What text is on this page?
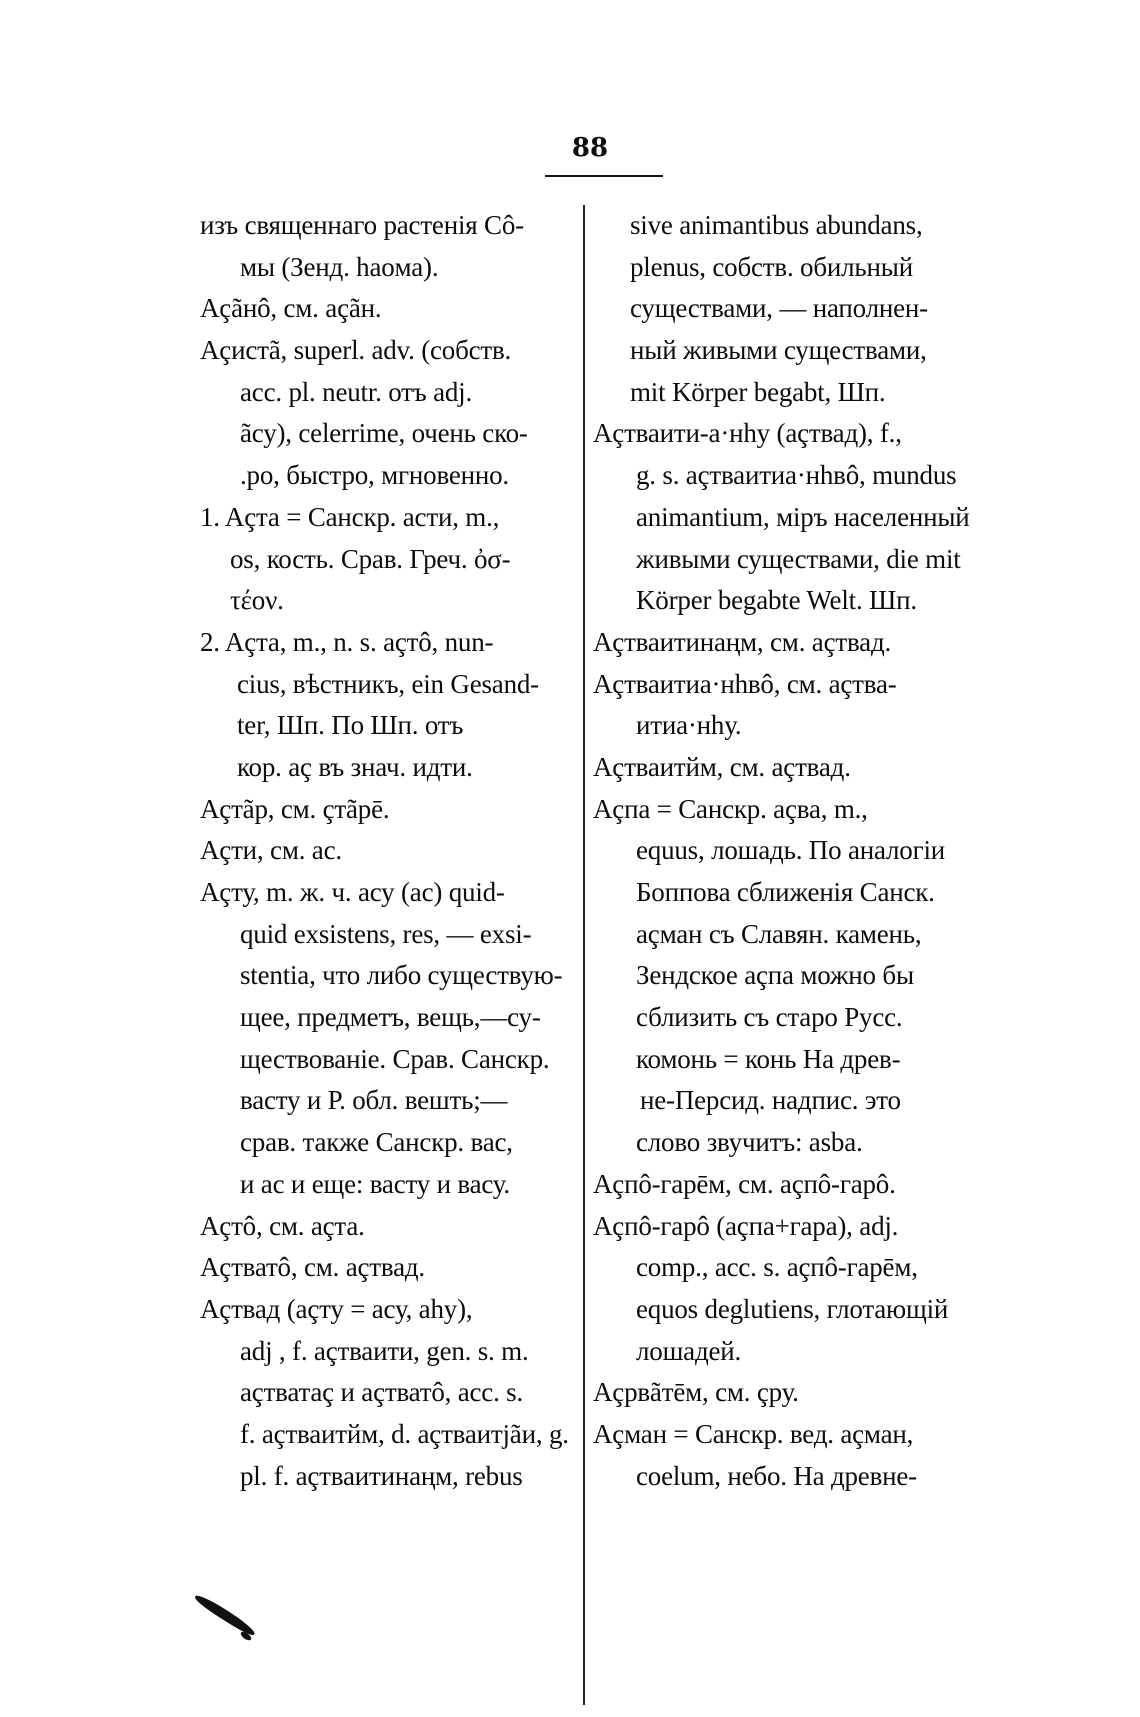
88
изъ священнаго растенія Cô-
мы (Зенд. haoма).
Açãнô, см. açãн.
Açистã, superl. adv. (собств.
acc. pl. neutr. отъ adj.
ãсу), celerrime, очень ско-
.ро, быстро, мгновенно.
1. Açта = Санскр. асти, m.,
os, кость. Срав. Греч. ὀσ-
τέον.
2. Açта, m., n. s. açтô, nun-
cius, вѣстникъ, ein Gesand-
ter, Шп. По Шп. отъ
кор. aç въ знач. идти.
Açтãр, см. çтãрē.
Açти, см. ас.
Açту, m. ж. ч. асу (ас) quid-
quid exsistens, res, — exsi-
stentia, что либо существую-
щее, предметъ, вещь,—су-
ществованіе. Срав. Санскр.
васту и Р. обл. вешть;—
срав. также Санскр. вас,
и ас и еще: васту и васу.
Açтô, см. açта.
Açтватô, см. açтвад.
Açтвад (açту = асу, ahy),
adj , f. açтваити, gen. s. m.
açтватаç и açтватô, acc. s.
f. açтваитйм, d. açтваитjãи, g.
pl. f. açтваитинаңм, rebus
sive animantibus abundans,
plenus, собств. обильный
существами, — наполнен-
ный живыми существами,
mit Körper begabt, Шп.
Açтваити-а·нhу (açтвад), f.,
g. s. açтваитиа·нhвô, mundus
animantium, міръ населенный
живыми существами, die mit
Körper begabte Welt. Шп.
Açтваитинаңм, см. açтвад.
Açтваитиа·нhвô, см. açтва-
итиа·нhу.
Açтваитйм, см. açтвад.
Açпа = Санскр. açва, m.,
equus, лошадь. По аналогіи
Боппова сближенія Санск.
açман съ Славян. камень,
Зендское açпа можно бы
сблизить съ старо Русс.
комонь = конь На древ-
не-Персид. надпис. это
слово звучитъ: asba.
Açпô-гарēм, см. açпô-гарô.
Açпô-гарô (açпа+гара), adj.
comp., acc. s. açпô-гарēм,
equos deglutiens, глотающій
лошадей.
Açрвãтēм, см. çру.
Açман = Санскр. вед. açман,
coelum, небо. На древне-
